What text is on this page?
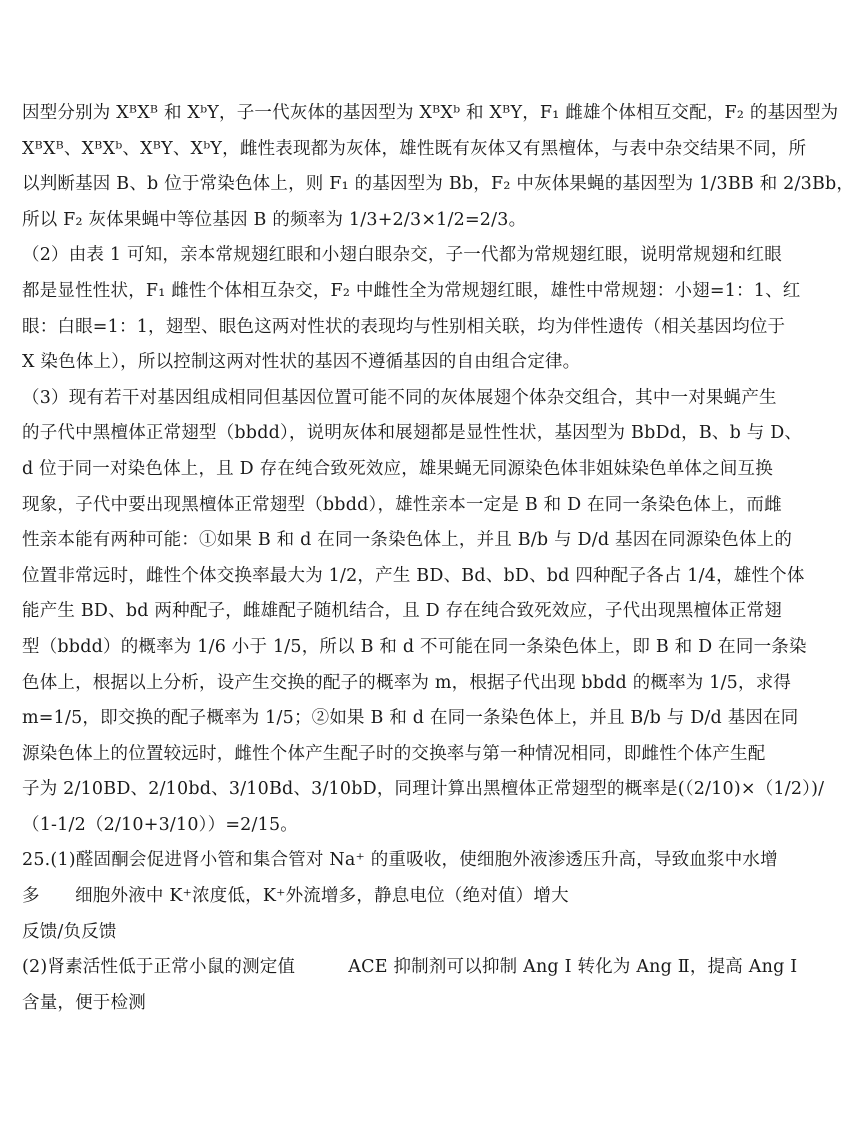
因型分别为 XᴮXᴮ 和 XᵇY，子一代灰体的基因型为 XᴮXᵇ 和 XᴮY，F₁ 雌雄个体相互交配，F₂ 的基因型为
XᴮXᴮ、XᴮXᵇ、XᴮY、XᵇY，雌性表现都为灰体，雄性既有灰体又有黑檀体，与表中杂交结果不同，所
以判断基因 B、b 位于常染色体上，则 F₁ 的基因型为 Bb，F₂ 中灰体果蝇的基因型为 1/3BB 和 2/3Bb，
所以 F₂ 灰体果蝇中等位基因 B 的频率为 1/3+2/3×1/2=2/3。
（2）由表 1 可知，亲本常规翅红眼和小翅白眼杂交，子一代都为常规翅红眼，说明常规翅和红眼
都是显性性状，F₁ 雌性个体相互杂交，F₂ 中雌性全为常规翅红眼，雄性中常规翅：小翅=1：1、红
眼：白眼=1：1，翅型、眼色这两对性状的表现均与性别相关联，均为伴性遗传（相关基因均位于
X 染色体上），所以控制这两对性状的基因不遵循基因的自由组合定律。
（3）现有若干对基因组成相同但基因位置可能不同的灰体展翅个体杂交组合，其中一对果蝇产生
的子代中黑檀体正常翅型（bbdd），说明灰体和展翅都是显性性状，基因型为 BbDd，B、b 与 D、
d 位于同一对染色体上，且 D 存在纯合致死效应，雄果蝇无同源染色体非姐妹染色单体之间互换
现象，子代中要出现黑檀体正常翅型（bbdd），雄性亲本一定是 B 和 D 在同一条染色体上，而雌
性亲本能有两种可能：①如果 B 和 d 在同一条染色体上，并且 B/b 与 D/d 基因在同源染色体上的
位置非常远时，雌性个体交换率最大为 1/2，产生 BD、Bd、bD、bd 四种配子各占 1/4，雄性个体
能产生 BD、bd 两种配子，雌雄配子随机结合，且 D 存在纯合致死效应，子代出现黑檀体正常翅
型（bbdd）的概率为 1/6 小于 1/5，所以 B 和 d 不可能在同一条染色体上，即 B 和 D 在同一条染
色体上，根据以上分析，设产生交换的配子的概率为 m，根据子代出现 bbdd 的概率为 1/5，求得
m=1/5，即交换的配子概率为 1/5；②如果 B 和 d 在同一条染色体上，并且 B/b 与 D/d 基因在同
源染色体上的位置较远时，雌性个体产生配子时的交换率与第一种情况相同，即雌性个体产生配
子为 2/10BD、2/10bd、3/10Bd、3/10bD，同理计算出黑檀体正常翅型的概率是(（2/10)×（1/2）)/
（1-1/2（2/10+3/10））=2/15。
25.(1)醛固酮会促进肾小管和集合管对 Na⁺ 的重吸收，使细胞外液渗透压升高，导致血浆中水增
多　　细胞外液中 K⁺浓度低，K⁺外流增多，静息电位（绝对值）增大
反馈/负反馈
(2)肾素活性低于正常小鼠的测定值　　　ACE 抑制剂可以抑制 Ang Ⅰ 转化为 Ang Ⅱ，提高 Ang Ⅰ
含量，便于检测
